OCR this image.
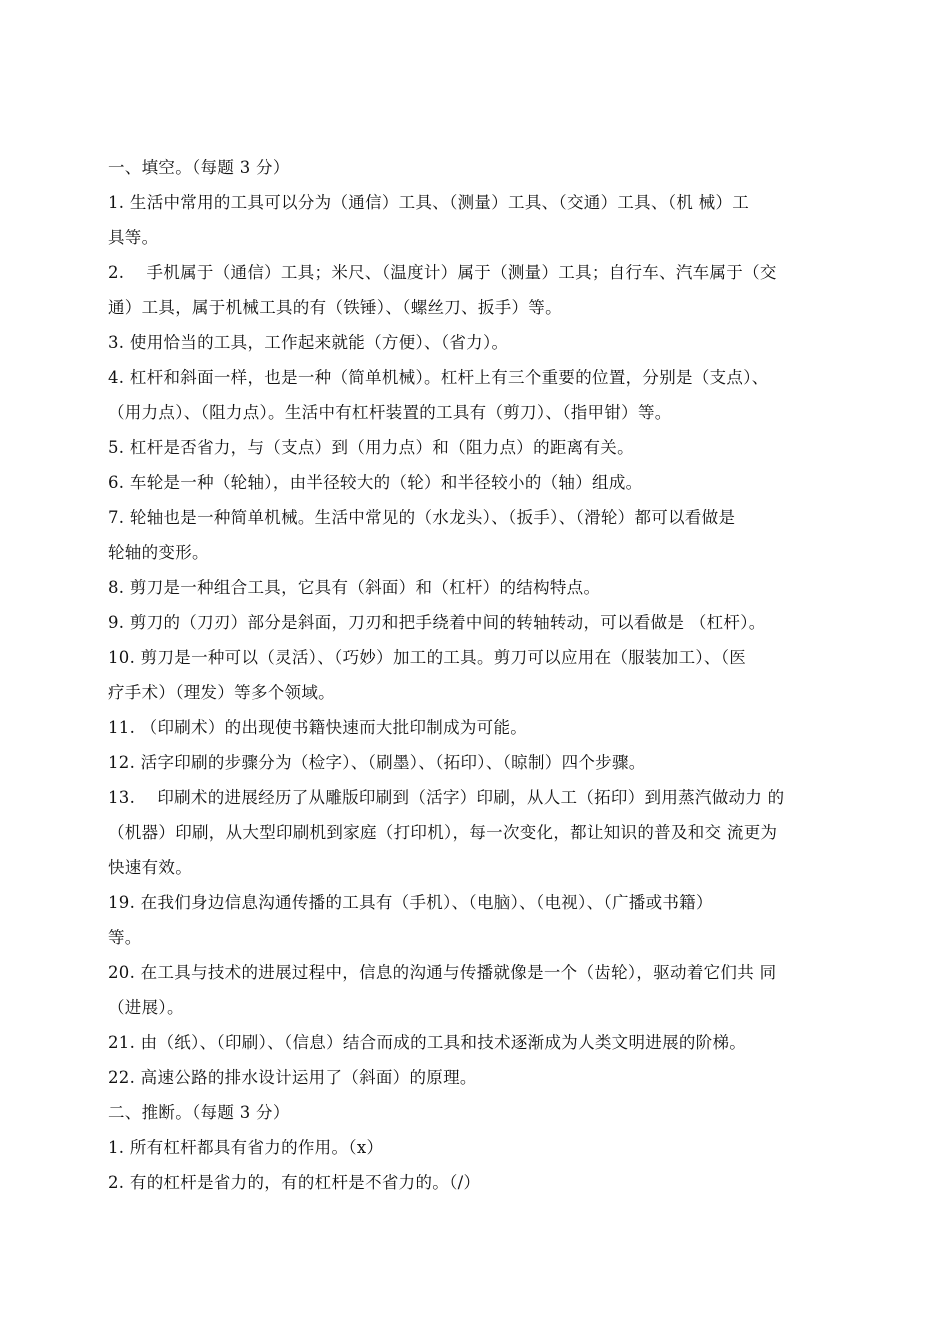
一、填空。（每题 3 分）
1. 生活中常用的工具可以分为（通信）工具、（测量）工具、（交通）工具、（机 械）工
具等。
2.    手机属于（通信）工具；米尺、（温度计）属于（测量）工具；自行车、汽车属于（交
通）工具，属于机械工具的有（铁锤）、（螺丝刀、扳手）等。
3. 使用恰当的工具，工作起来就能（方便）、（省力）。
4. 杠杆和斜面一样，也是一种（简单机械）。杠杆上有三个重要的位置，分别是（支点）、
（用力点）、（阻力点）。生活中有杠杆装置的工具有（剪刀）、（指甲钳）等。
5. 杠杆是否省力，与（支点）到（用力点）和（阻力点）的距离有关。
6. 车轮是一种（轮轴），由半径较大的（轮）和半径较小的（轴）组成。
7. 轮轴也是一种简单机械。生活中常见的（水龙头）、（扳手）、（滑轮）都可以看做是
轮轴的变形。
8. 剪刀是一种组合工具，它具有（斜面）和（杠杆）的结构特点。
9. 剪刀的（刀刃）部分是斜面，刀刃和把手绕着中间的转轴转动，可以看做是 （杠杆）。
10. 剪刀是一种可以（灵活）、（巧妙）加工的工具。剪刀可以应用在（服装加工）、（医
疗手术）（理发）等多个领域。
11. （印刷术）的出现使书籍快速而大批印制成为可能。
12. 活字印刷的步骤分为（检字）、（刷墨）、（拓印）、（晾制）四个步骤。
13.    印刷术的进展经历了从雕版印刷到（活字）印刷，从人工（拓印）到用蒸汽做动力 的
（机器）印刷，从大型印刷机到家庭（打印机），每一次变化，都让知识的普及和交 流更为
快速有效。
19. 在我们身边信息沟通传播的工具有（手机）、（电脑）、（电视）、（广播或书籍）
等。
20. 在工具与技术的进展过程中，信息的沟通与传播就像是一个（齿轮），驱动着它们共 同
（进展）。
21. 由（纸）、（印刷）、（信息）结合而成的工具和技术逐渐成为人类文明进展的阶梯。
22. 高速公路的排水设计运用了（斜面）的原理。
二、推断。（每题 3 分）
1. 所有杠杆都具有省力的作用。（x）
2. 有的杠杆是省力的，有的杠杆是不省力的。（/）
